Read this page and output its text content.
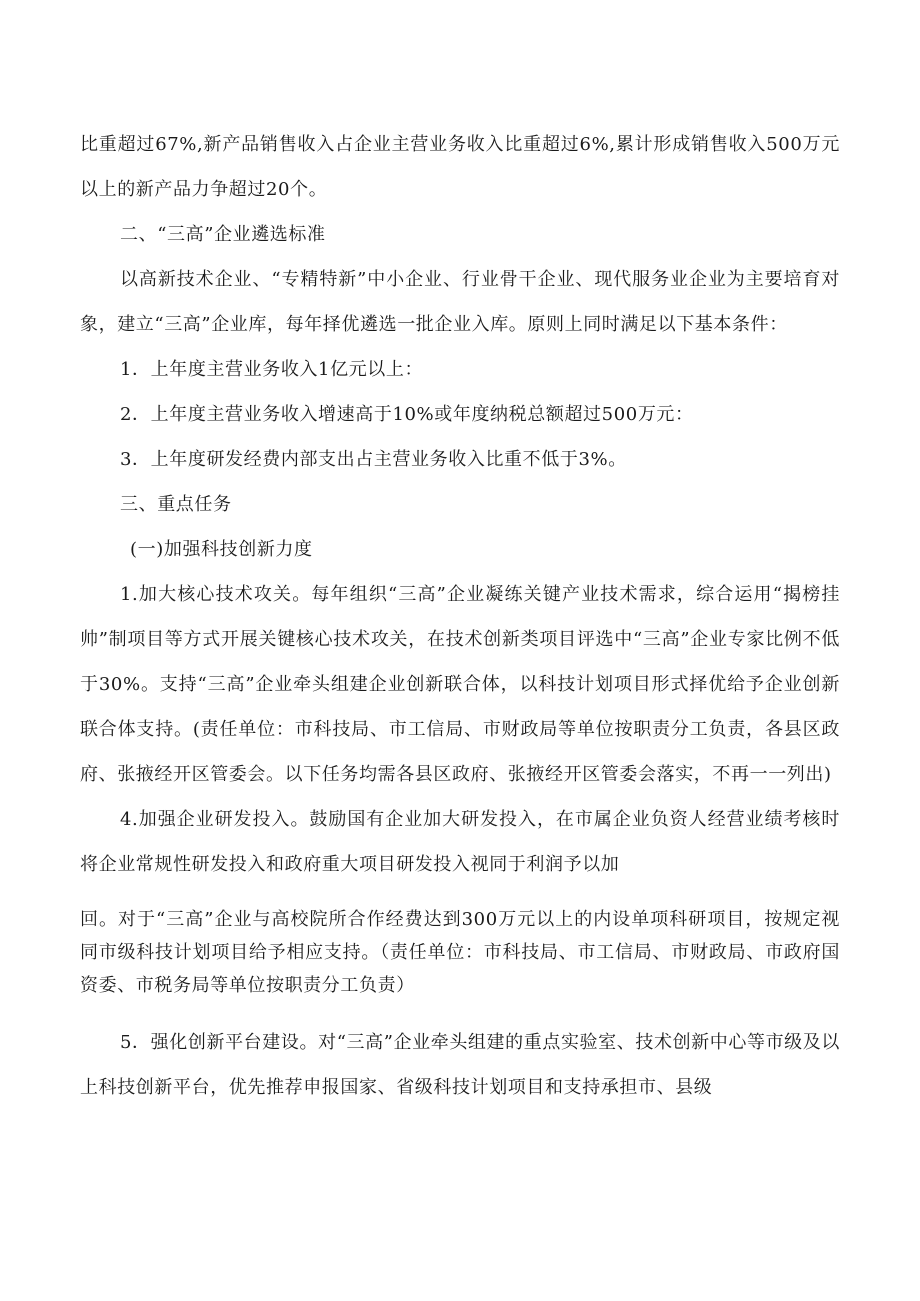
比重超过67%,新产品销售收入占企业主营业务收入比重超过6%,累计形成销售收入500万元以上的新产品力争超过20个。

二、“三高”企业遴选标准

以高新技术企业、“专精特新”中小企业、行业骨干企业、现代服务业企业为主要培育对象，建立“三高”企业库，每年择优遴选一批企业入库。原则上同时满足以下基本条件：

1．上年度主营业务收入1亿元以上：

2．上年度主营业务收入增速高于10%或年度纳税总额超过500万元：

3．上年度研发经费内部支出占主营业务收入比重不低于3%。

三、重点任务

(一)加强科技创新力度

1.加大核心技术攻关。每年组织“三高”企业凝练关键产业技术需求，综合运用“揭榜挂帅”制项目等方式开展关键核心技术攻关，在技术创新类项目评选中“三高”企业专家比例不低于30%。支持“三高”企业牵头组建企业创新联合体，以科技计划项目形式择优给予企业创新联合体支持。(责任单位：市科技局、市工信局、市财政局等单位按职责分工负责，各县区政府、张掖经开区管委会。以下任务均需各县区政府、张掖经开区管委会落实，不再一一列出)

4.加强企业研发投入。鼓励国有企业加大研发投入，在市属企业负资人经营业绩考核时将企业常规性研发投入和政府重大项目研发投入视同于利润予以加

回。对于“三高”企业与高校院所合作经费达到300万元以上的内设单项科研项目，按规定视同市级科技计划项目给予相应支持。（责任单位：市科技局、市工信局、市财政局、市政府国资委、市税务局等单位按职责分工负责）

5．强化创新平台建设。对“三高”企业牵头组建的重点实验室、技术创新中心等市级及以上科技创新平台，优先推荐申报国家、省级科技计划项目和支持承担市、县级
